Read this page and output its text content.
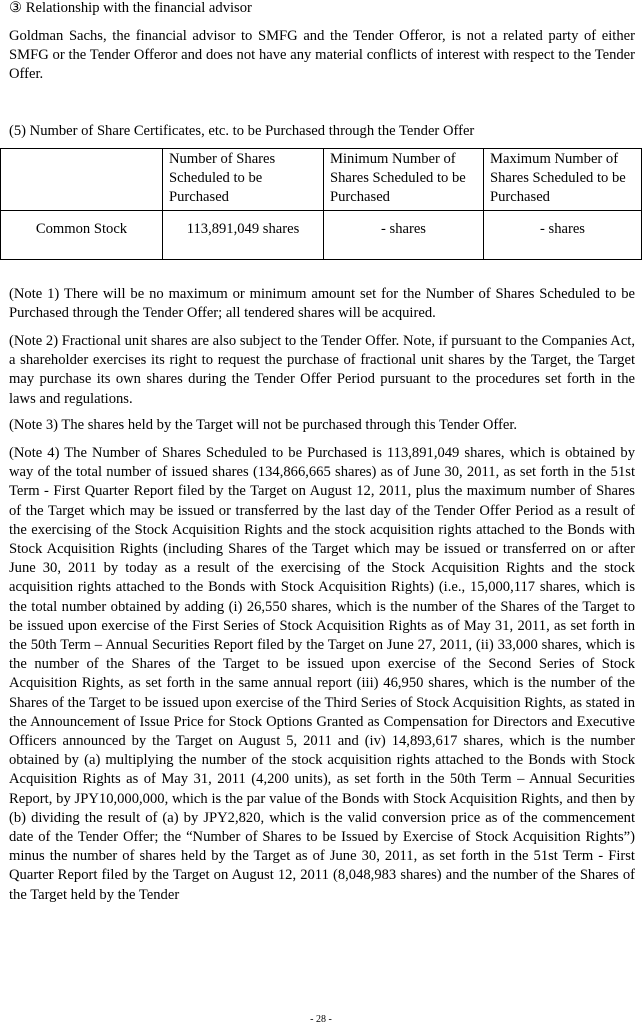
③ Relationship with the financial advisor

Goldman Sachs, the financial advisor to SMFG and the Tender Offeror, is not a related party of either SMFG or the Tender Offeror and does not have any material conflicts of interest with respect to the Tender Offer.

(5) Number of Share Certificates, etc. to be Purchased through the Tender Offer

	Number of Shares Scheduled to be Purchased	Minimum Number of Shares Scheduled to be Purchased	Maximum Number of Shares Scheduled to be Purchased
Common Stock	113,891,049 shares	- shares	- shares

(Note 1) There will be no maximum or minimum amount set for the Number of Shares Scheduled to be Purchased through the Tender Offer; all tendered shares will be acquired.

(Note 2) Fractional unit shares are also subject to the Tender Offer. Note, if pursuant to the Companies Act, a shareholder exercises its right to request the purchase of fractional unit shares by the Target, the Target may purchase its own shares during the Tender Offer Period pursuant to the procedures set forth in the laws and regulations.

(Note 3) The shares held by the Target will not be purchased through this Tender Offer.

(Note 4) The Number of Shares Scheduled to be Purchased is 113,891,049 shares, which is obtained by way of the total number of issued shares (134,866,665 shares) as of June 30, 2011, as set forth in the 51st Term - First Quarter Report filed by the Target on August 12, 2011, plus the maximum number of Shares of the Target which may be issued or transferred by the last day of the Tender Offer Period as a result of the exercising of the Stock Acquisition Rights and the stock acquisition rights attached to the Bonds with Stock Acquisition Rights (including Shares of the Target which may be issued or transferred on or after June 30, 2011 by today as a result of the exercising of the Stock Acquisition Rights and the stock acquisition rights attached to the Bonds with Stock Acquisition Rights) (i.e., 15,000,117 shares, which is the total number obtained by adding (i) 26,550 shares, which is the number of the Shares of the Target to be issued upon exercise of the First Series of Stock Acquisition Rights as of May 31, 2011, as set forth in the 50th Term – Annual Securities Report filed by the Target on June 27, 2011, (ii) 33,000 shares, which is the number of the Shares of the Target to be issued upon exercise of the Second Series of Stock Acquisition Rights, as set forth in the same annual report (iii) 46,950 shares, which is the number of the Shares of the Target to be issued upon exercise of the Third Series of Stock Acquisition Rights, as stated in the Announcement of Issue Price for Stock Options Granted as Compensation for Directors and Executive Officers announced by the Target on August 5, 2011 and (iv) 14,893,617 shares, which is the number obtained by (a) multiplying the number of the stock acquisition rights attached to the Bonds with Stock Acquisition Rights as of May 31, 2011 (4,200 units), as set forth in the 50th Term – Annual Securities Report, by JPY10,000,000, which is the par value of the Bonds with Stock Acquisition Rights, and then by (b) dividing the result of (a) by JPY2,820, which is the valid conversion price as of the commencement date of the Tender Offer; the “Number of Shares to be Issued by Exercise of Stock Acquisition Rights”) minus the number of shares held by the Target as of June 30, 2011, as set forth in the 51st Term - First Quarter Report filed by the Target on August 12, 2011 (8,048,983 shares) and the number of the Shares of the Target held by the Tender

- 28 -
